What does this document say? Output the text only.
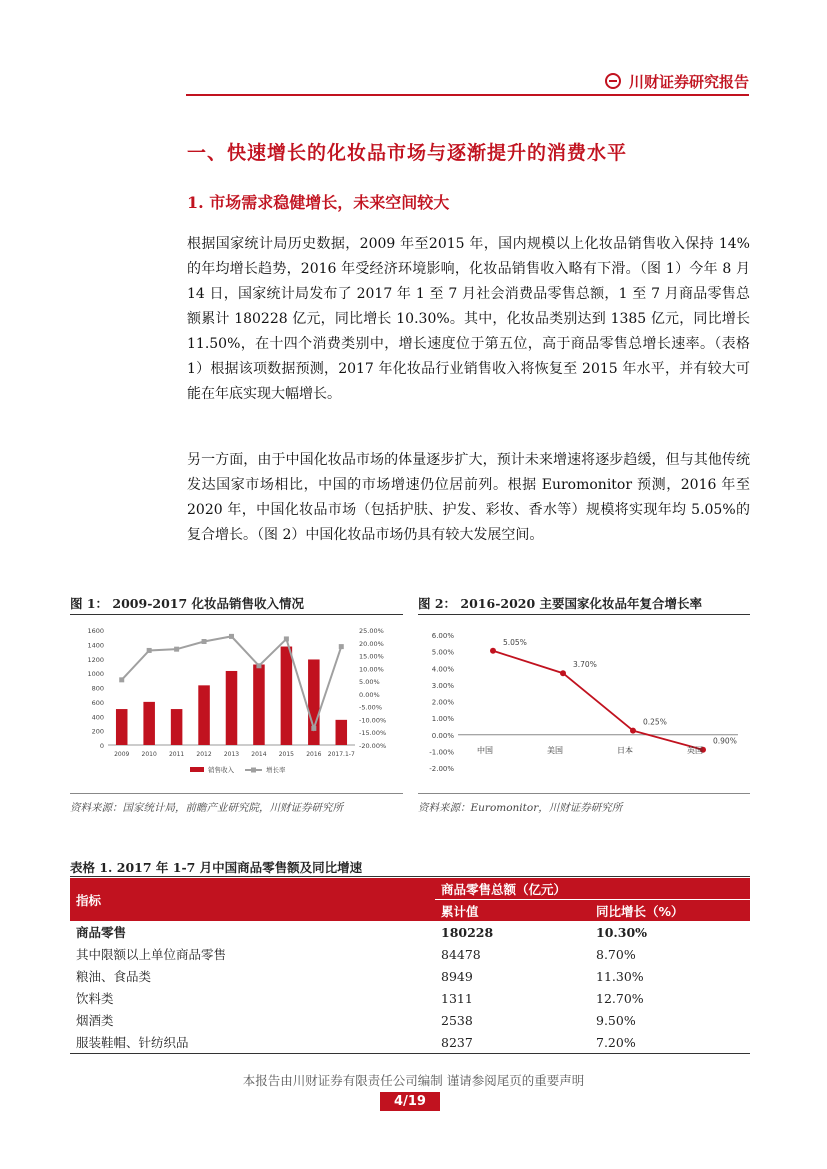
川财证券研究报告
一、快速增长的化妆品市场与逐渐提升的消费水平
1. 市场需求稳健增长，未来空间较大
根据国家统计局历史数据，2009 年至2015 年，国内规模以上化妆品销售收入保持 14%的年均增长趋势，2016 年受经济环境影响，化妆品销售收入略有下滑。（图 1）今年 8 月 14 日，国家统计局发布了 2017 年 1 至 7 月社会消费品零售总额，1 至 7 月商品零售总额累计 180228 亿元，同比增长 10.30%。其中，化妆品类别达到 1385 亿元，同比增长 11.50%，在十四个消费类别中，增长速度位于第五位，高于商品零售总增长速率。（表格 1）根据该项数据预测，2017 年化妆品行业销售收入将恢复至 2015 年水平，并有较大可能在年底实现大幅增长。
另一方面，由于中国化妆品市场的体量逐步扩大，预计未来增速将逐步趋缓，但与其他传统发达国家市场相比，中国的市场增速仍位居前列。根据 Euromonitor 预测，2016 年至 2020 年，中国化妆品市场（包括护肤、护发、彩妆、香水等）规模将实现年均 5.05%的复合增长。（图 2）中国化妆品市场仍具有较大发展空间。
图 1： 2009-2017 化妆品销售收入情况
0
200
400
600
800
1000
1200
1400
1600
-20.00%
-15.00%
-10.00%
-5.00%
0.00%
5.00%
10.00%
15.00%
20.00%
25.00%
2009 2010 2011 2012 2013 2014 2015 2016 2017.1-7
销售收入	增长率
资料来源：国家统计局，前瞻产业研究院，川财证券研究所
图 2： 2016-2020 主要国家化妆品年复合增长率
-2.00%
-1.00%
0.00%
1.00%
2.00%
3.00%
4.00%
5.00%
6.00%
5.05%
3.70%
0.25%
0.90%
中国	美国	日本	英国
资料来源：Euromonitor，川财证券研究所
表格 1. 2017 年 1-7 月中国商品零售额及同比增速
指标	商品零售总额（亿元）	
	累计值	同比增长（%）
商品零售	180228	10.30%
其中限额以上单位商品零售	84478	8.70%
粮油、食品类	8949	11.30%
饮料类	1311	12.70%
烟酒类	2538	9.50%
服装鞋帽、针纺织品	8237	7.20%
本报告由川财证券有限责任公司编制 谨请参阅尾页的重要声明
4/19
